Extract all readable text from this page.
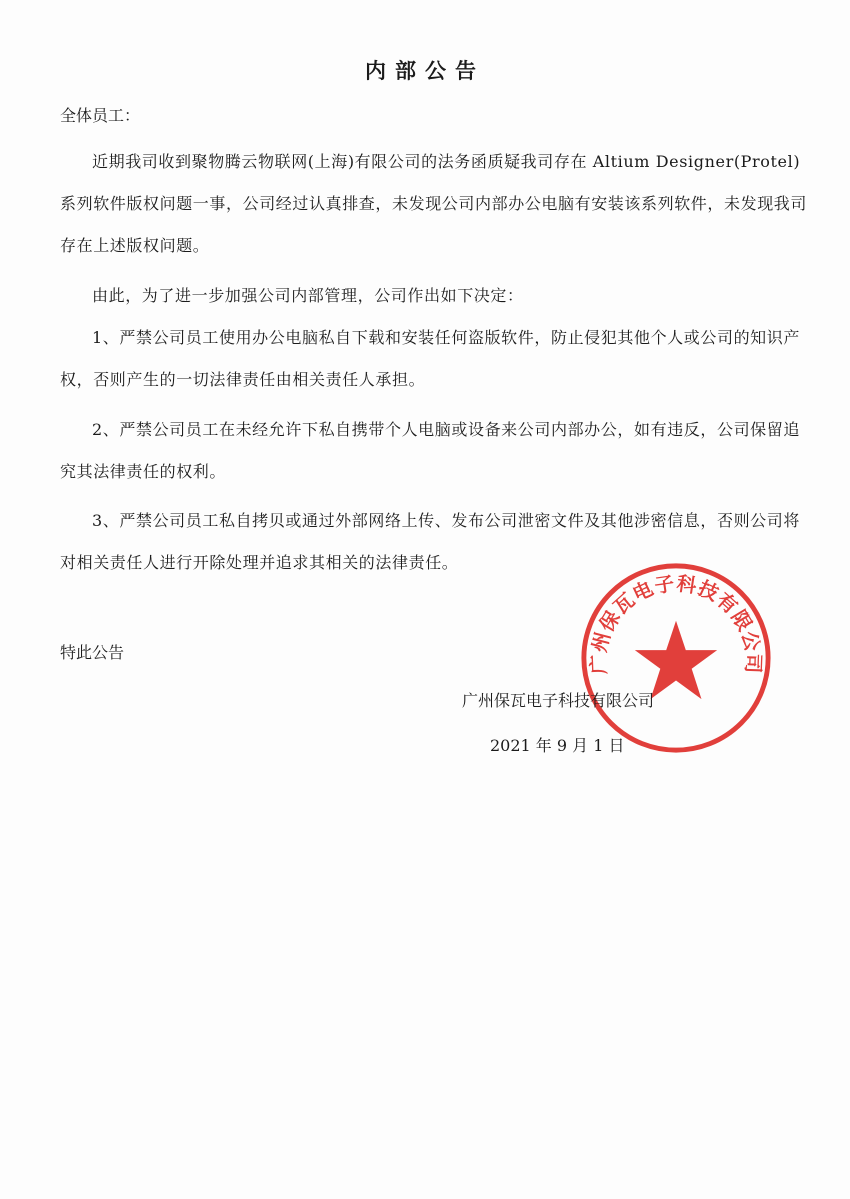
内部公告
全体员工：
近期我司收到聚物腾云物联网(上海)有限公司的法务函质疑我司存在 Altium Designer(Protel)系列软件版权问题一事，公司经过认真排查，未发现公司内部办公电脑有安装该系列软件，未发现我司存在上述版权问题。
由此，为了进一步加强公司内部管理，公司作出如下决定：
1、严禁公司员工使用办公电脑私自下载和安装任何盗版软件，防止侵犯其他个人或公司的知识产权，否则产生的一切法律责任由相关责任人承担。
2、严禁公司员工在未经允许下私自携带个人电脑或设备来公司内部办公，如有违反，公司保留追究其法律责任的权利。
3、严禁公司员工私自拷贝或通过外部网络上传、发布公司泄密文件及其他涉密信息，否则公司将对相关责任人进行开除处理并追求其相关的法律责任。
特此公告
广州保瓦电子科技有限公司
广州保瓦电子科技有限公司
2021 年 9 月 1 日
